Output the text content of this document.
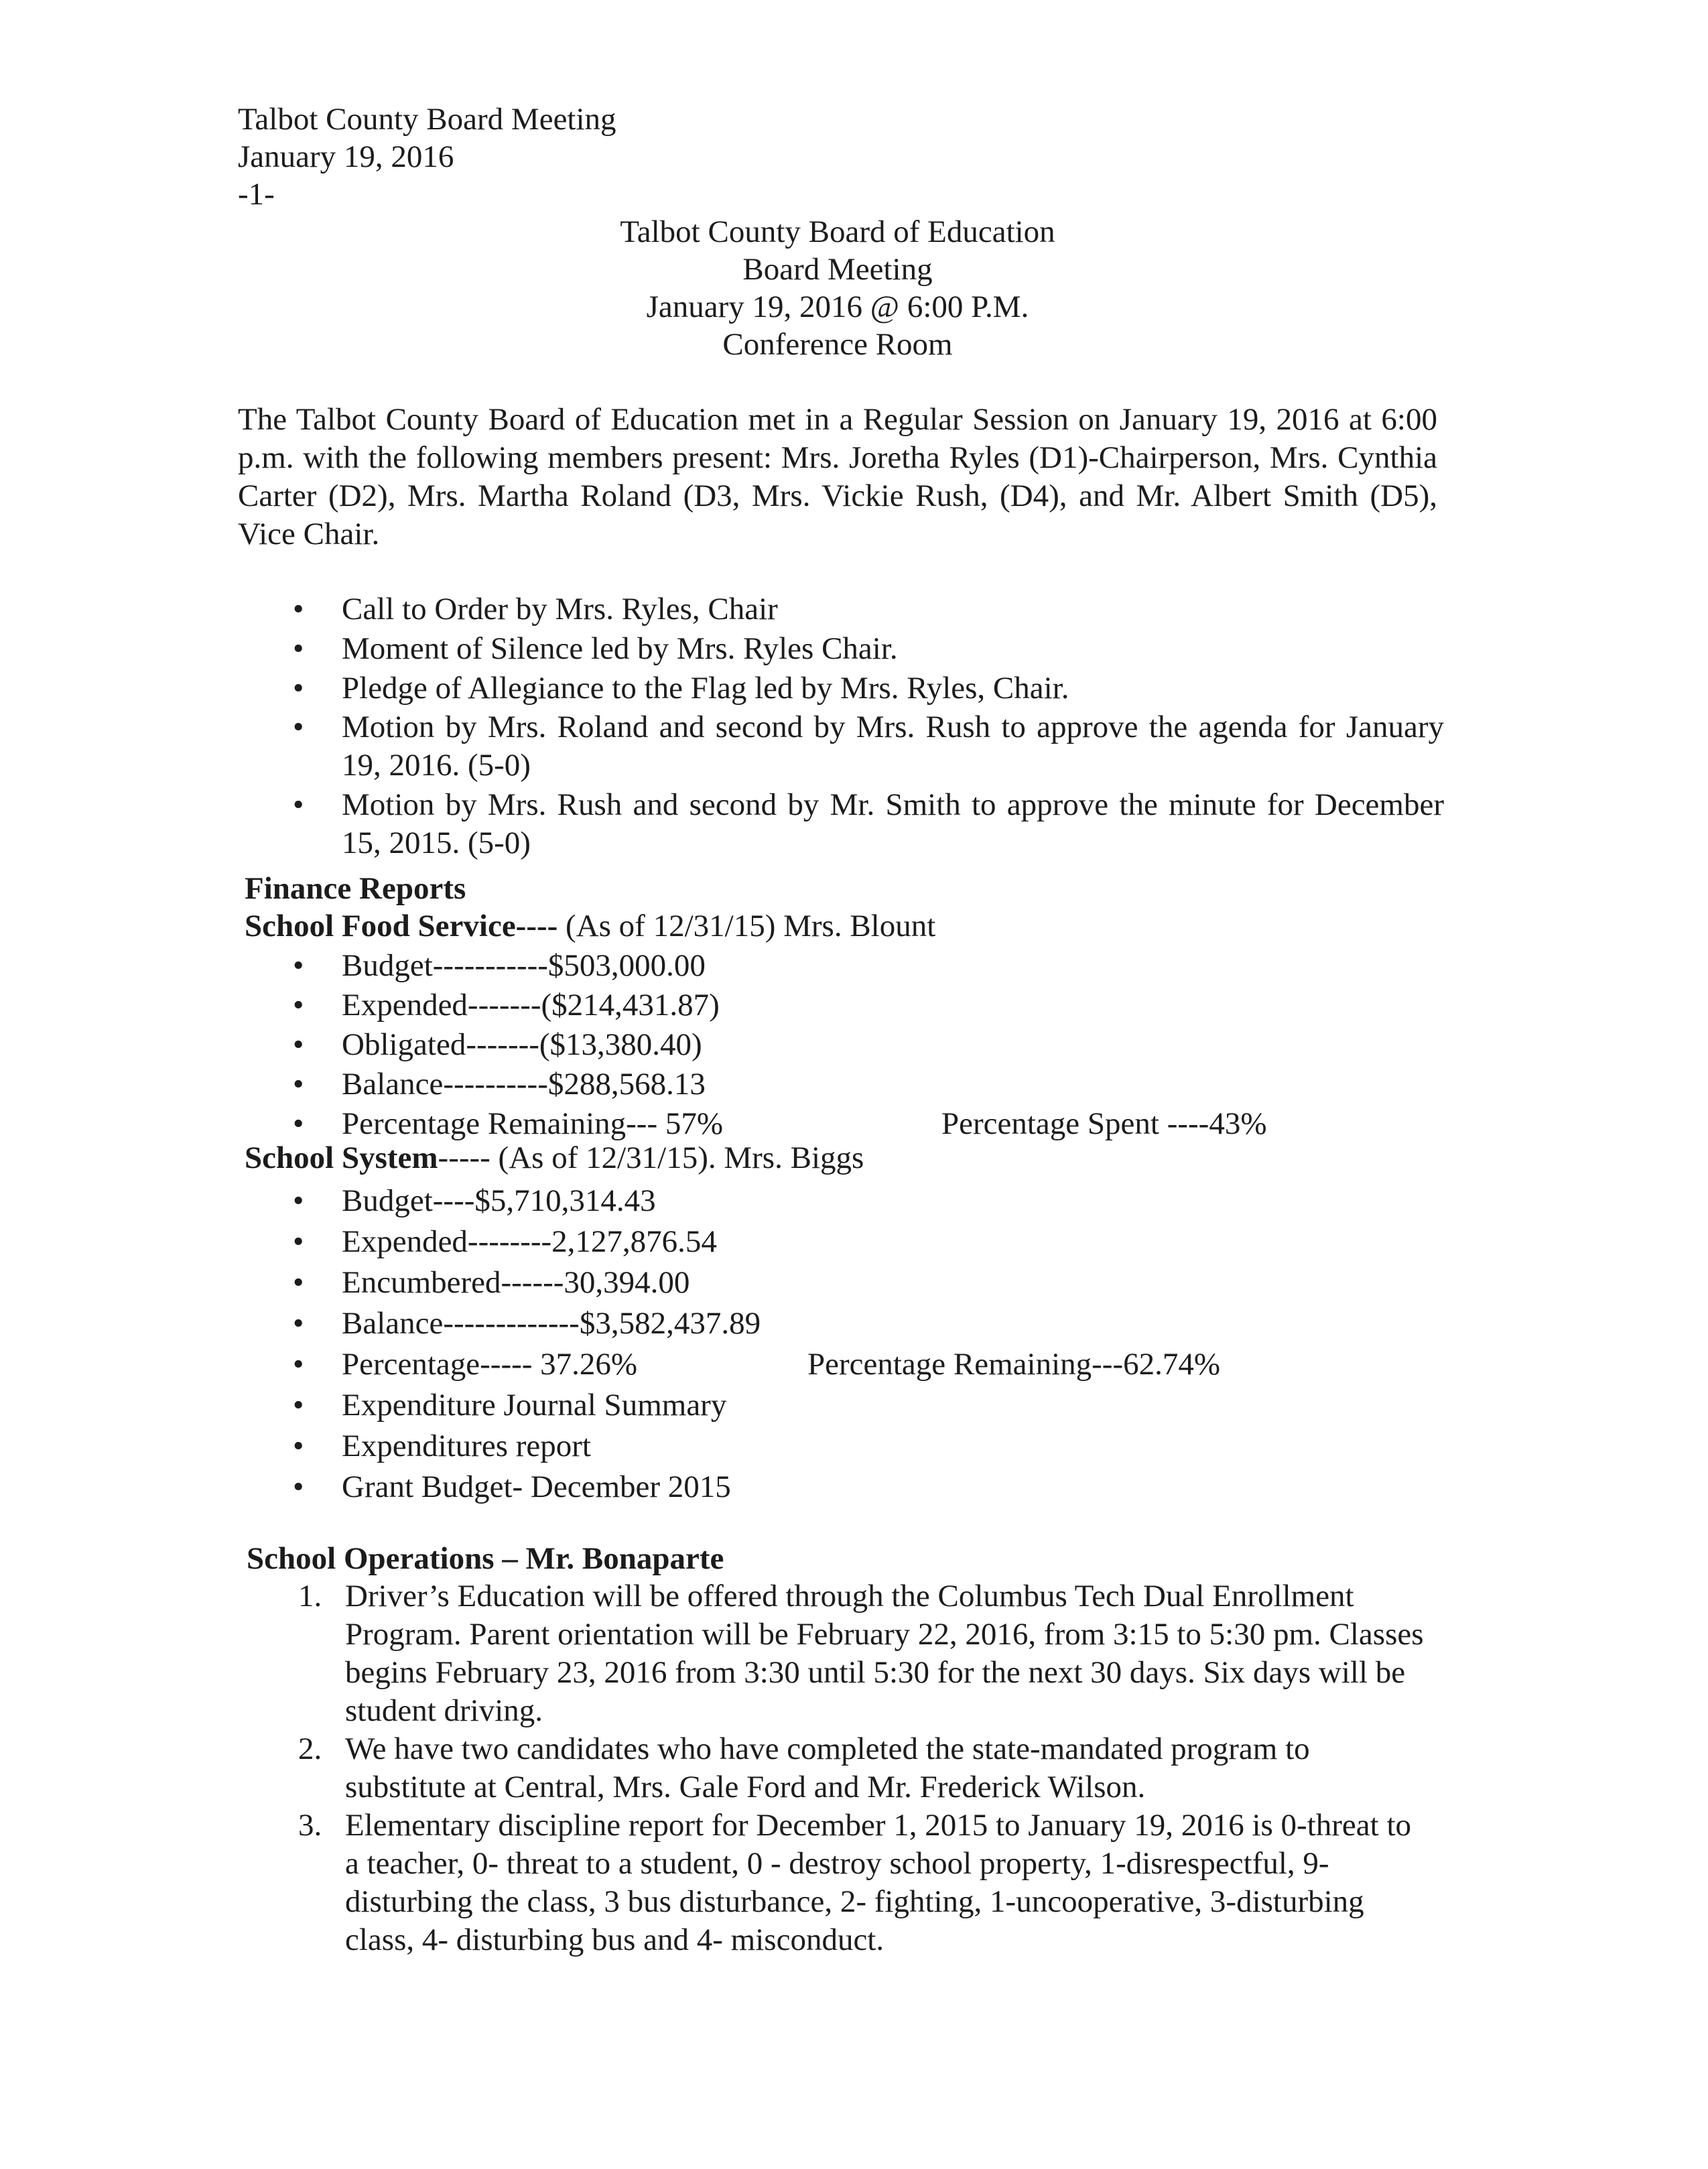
Talbot County Board Meeting
January 19, 2016
-1-
Talbot County Board of Education
Board Meeting
January 19, 2016 @ 6:00 P.M.
Conference Room

The Talbot County Board of Education met in a Regular Session on January 19, 2016 at 6:00 p.m. with the following members present: Mrs. Joretha Ryles (D1)-Chairperson, Mrs. Cynthia Carter (D2), Mrs. Martha Roland (D3, Mrs. Vickie Rush, (D4), and Mr. Albert Smith (D5), Vice Chair.

• Call to Order by Mrs. Ryles, Chair
• Moment of Silence led by Mrs. Ryles Chair.
• Pledge of Allegiance to the Flag led by Mrs. Ryles, Chair.
• Motion by Mrs. Roland and second by Mrs. Rush to approve the agenda for January 19, 2016. (5-0)
• Motion by Mrs. Rush and second by Mr. Smith to approve the minute for December 15, 2015. (5-0)
Finance Reports
School Food Service---- (As of 12/31/15) Mrs. Blount
• Budget-----------$503,000.00
• Expended-------($214,431.87)
• Obligated-------($13,380.40)
• Balance----------$288,568.13
• Percentage Remaining--- 57%	Percentage Spent ----43%
School System----- (As of 12/31/15). Mrs. Biggs
• Budget----$5,710,314.43
• Expended--------2,127,876.54
• Encumbered------30,394.00
• Balance-------------$3,582,437.89
• Percentage----- 37.26%	Percentage Remaining---62.74%
• Expenditure Journal Summary
• Expenditures report
• Grant Budget- December 2015
School Operations – Mr. Bonaparte
1. Driver’s Education will be offered through the Columbus Tech Dual Enrollment Program. Parent orientation will be February 22, 2016, from 3:15 to 5:30 pm. Classes begins February 23, 2016 from 3:30 until 5:30 for the next 30 days. Six days will be student driving.
2. We have two candidates who have completed the state-mandated program to substitute at Central, Mrs. Gale Ford and Mr. Frederick Wilson.
3. Elementary discipline report for December 1, 2015 to January 19, 2016 is 0-threat to a teacher, 0- threat to a student, 0 - destroy school property, 1-disrespectful, 9- disturbing the class, 3 bus disturbance, 2- fighting, 1-uncooperative, 3-disturbing class, 4- disturbing bus and 4- misconduct.
